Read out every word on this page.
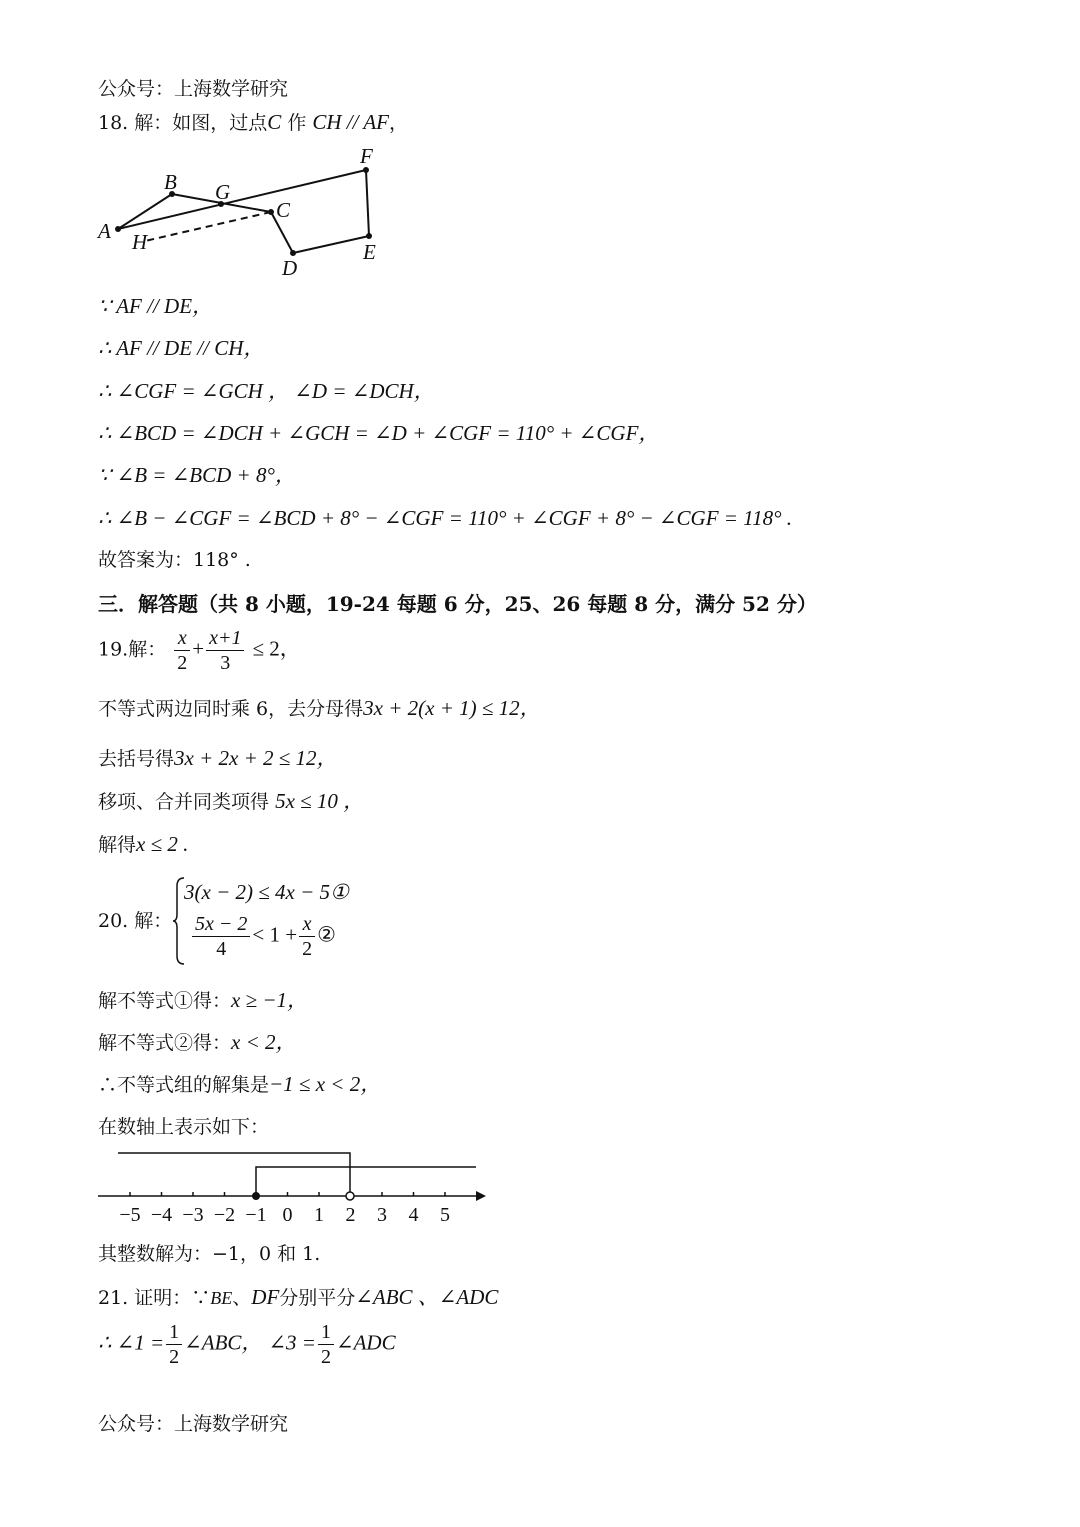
公众号：上海数学研究
18. 解：如图，过点C 作 CH // AF，
A
B G
C
F
H
D
E
∵ AF // DE，
∴ AF // DE // CH，
∴ ∠CGF = ∠GCH ， ∠D = ∠DCH，
∴ ∠BCD = ∠DCH + ∠GCH = ∠D + ∠CGF = 110° + ∠CGF，
∵ ∠B = ∠BCD + 8°，
∴ ∠B − ∠CGF = ∠BCD + 8° − ∠CGF = 110° + ∠CGF + 8° − ∠CGF = 118° .
故答案为：118° .
三．解答题（共 8 小题，19-24 每题 6 分，25、26 每题 8 分，满分 52 分）
19.解： $\frac{x}{2} + \frac{x+1}{3} \le 2$，
不等式两边同时乘 6，去分母得3x + 2(x + 1) ≤ 12，
去括号得3x + 2x + 2 ≤ 12，
移项、合并同类项得 5x ≤ 10 ，
解得x ≤ 2 .
20. 解：
3(x − 2) ≤ 4x − 5①
$\frac{5x - 2}{4} < 1 + \frac{x}{2}$ ②
解不等式①得：x ≥ −1，
解不等式②得：x < 2，
∴不等式组的解集是−1 ≤ x < 2，
在数轴上表示如下：
−5 −4 −3 −2 −1 0 1 2 3 4 5
其整数解为：−1，0 和 1.
21. 证明：∵BE、DF分别平分∠ABC 、∠ADC
∴ ∠1 = $\frac{1}{2}$ ∠ABC， ∠3 = $\frac{1}{2}$ ∠ADC
公众号：上海数学研究
